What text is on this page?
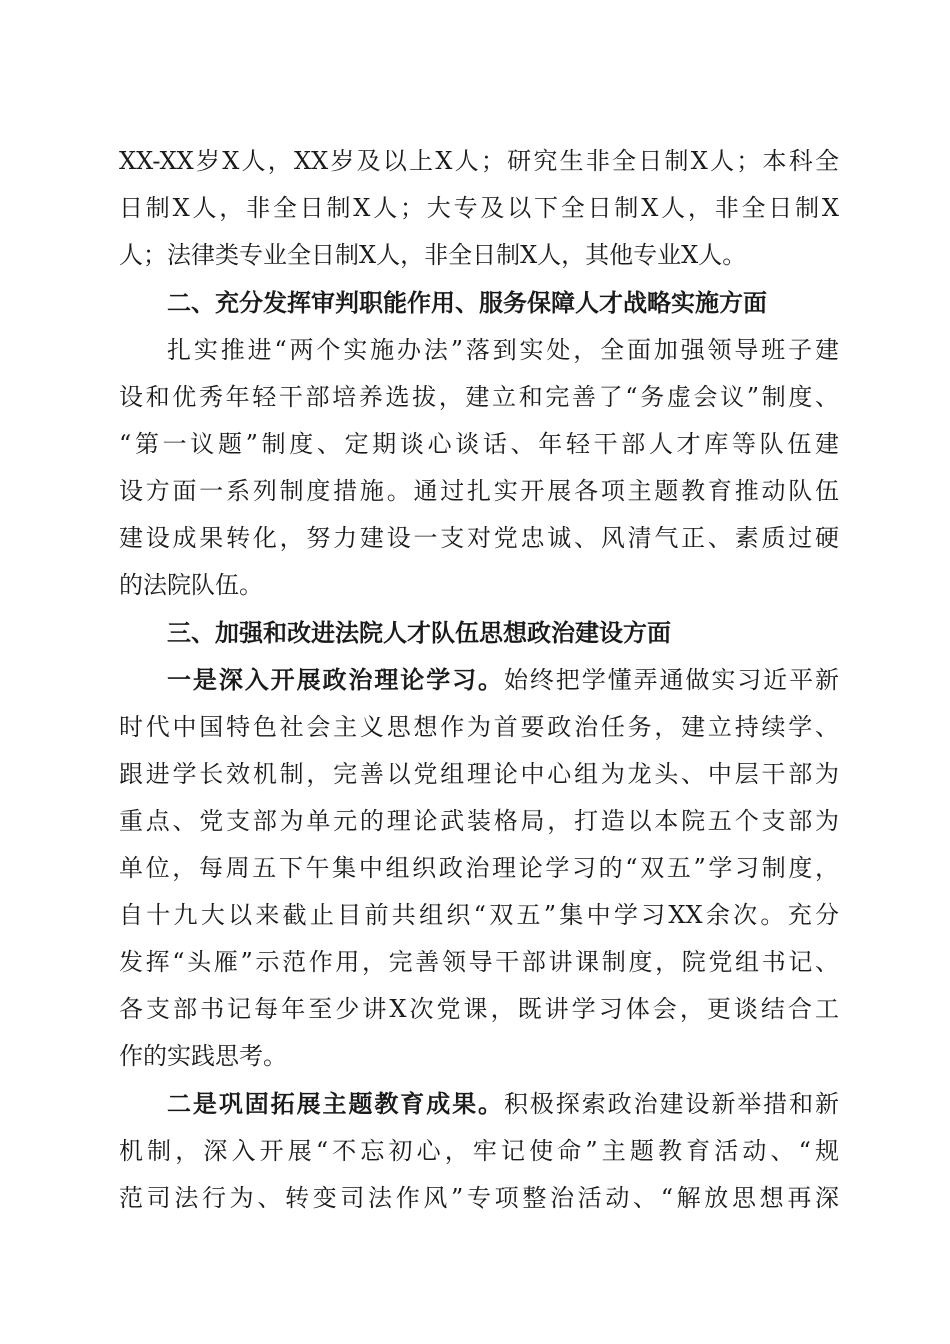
XX-XX岁X人，XX岁及以上X人；研究生非全日制X人；本科全
日制X人，非全日制X人；大专及以下全日制X人，非全日制X
人；法律类专业全日制X人，非全日制X人，其他专业X人。
二、充分发挥审判职能作用、服务保障人才战略实施方面
扎实推进“两个实施办法”落到实处，全面加强领导班子建
设和优秀年轻干部培养选拔，建立和完善了“务虚会议”制度、
“第一议题”制度、定期谈心谈话、年轻干部人才库等队伍建
设方面一系列制度措施。通过扎实开展各项主题教育推动队伍
建设成果转化，努力建设一支对党忠诚、风清气正、素质过硬
的法院队伍。
三、加强和改进法院人才队伍思想政治建设方面
一是深入开展政治理论学习。始终把学懂弄通做实习近平新
时代中国特色社会主义思想作为首要政治任务，建立持续学、
跟进学长效机制，完善以党组理论中心组为龙头、中层干部为
重点、党支部为单元的理论武装格局，打造以本院五个支部为
单位，每周五下午集中组织政治理论学习的“双五”学习制度，
自十九大以来截止目前共组织“双五”集中学习XX余次。充分
发挥“头雁”示范作用，完善领导干部讲课制度，院党组书记、
各支部书记每年至少讲X次党课，既讲学习体会，更谈结合工
作的实践思考。
二是巩固拓展主题教育成果。积极探索政治建设新举措和新
机制，深入开展“不忘初心，牢记使命”主题教育活动、“规
范司法行为、转变司法作风”专项整治活动、“解放思想再深
